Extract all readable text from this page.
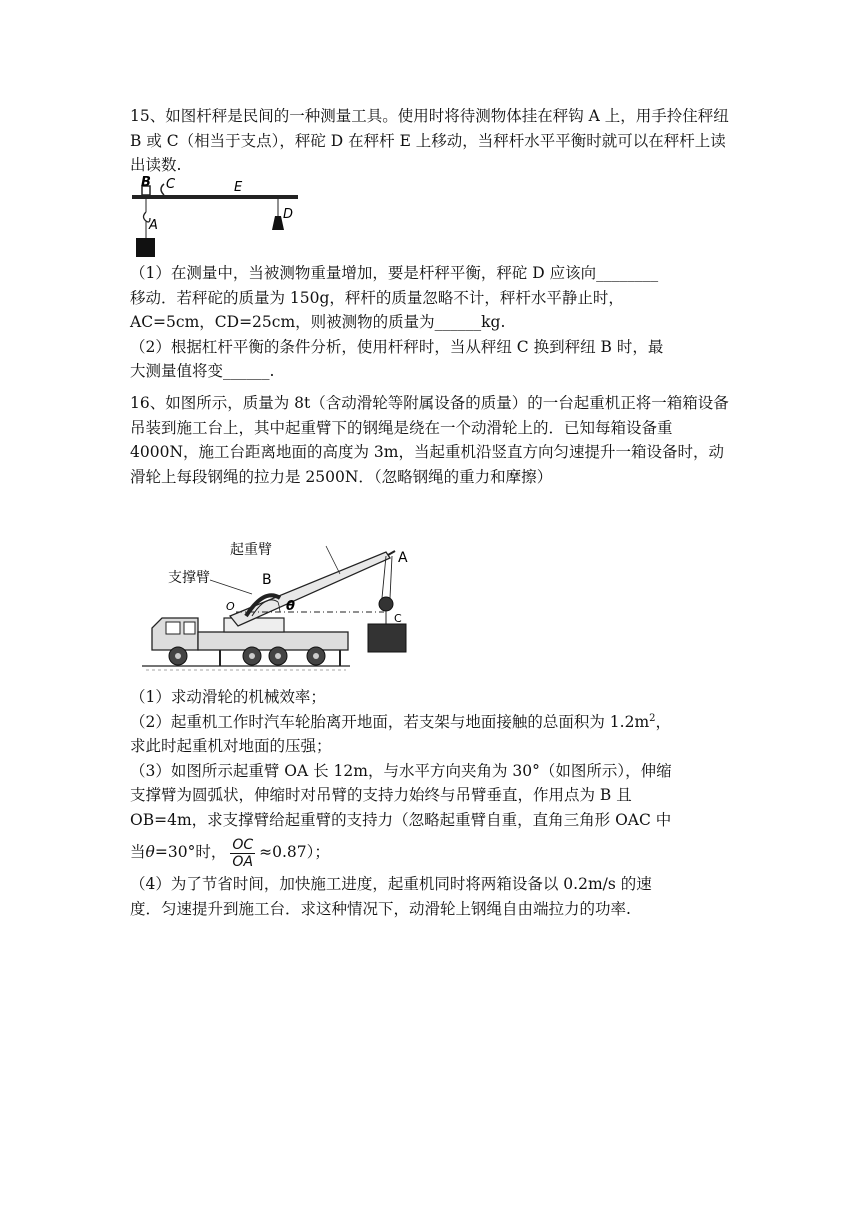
15、如图杆秤是民间的一种测量工具。使用时将待测物体挂在秤钩 A 上，用手拎住秤纽 B 或 C（相当于支点），秤砣 D 在秤杆 E 上移动，当秤杆水平平衡时就可以在秤杆上读出读数.

B C	E
A
D

（1）在测量中，当被测物重量增加，要是杆秤平衡，秤砣 D 应该向________

移动．若秤砣的质量为 150g，秤杆的质量忽略不计，秤杆水平静止时，

AC=5cm，CD=25cm，则被测物的质量为______kg.

（2）根据杠杆平衡的条件分析，使用杆秤时，当从秤纽 C 换到秤纽 B 时，最

大测量值将变______.

16、如图所示，质量为 8t（含动滑轮等附属设备的质量）的一台起重机正将一箱箱设备吊装到施工台上，其中起重臂下的钢绳是绕在一个动滑轮上的．已知每箱设备重 4000N，施工台距离地面的高度为 3m，当起重机沿竖直方向匀速提升一箱设备时，动滑轮上每段钢绳的拉力是 2500N．（忽略钢绳的重力和摩擦）

起重臂
支撑臂	B
A
O	θ
C

（1）求动滑轮的机械效率；

（2）起重机工作时汽车轮胎离开地面，若支架与地面接触的总面积为 $1.2m^2$，

求此时起重机对地面的压强；

（3）如图所示起重臂 OA 长 12m，与水平方向夹角为 30°（如图所示），伸缩

支撑臂为圆弧状，伸缩时对吊臂的支持力始终与吊臂垂直，作用点为 B 且

OB=4m，求支撑臂给起重臂的支持力（忽略起重臂自重，直角三角形 OAC 中

当θ=30°时， $\frac{OC}{OA} \approx 0.87$）；

（4）为了节省时间，加快施工进度，起重机同时将两箱设备以 0.2m/s 的速

度．匀速提升到施工台．求这种情况下，动滑轮上钢绳自由端拉力的功率.
